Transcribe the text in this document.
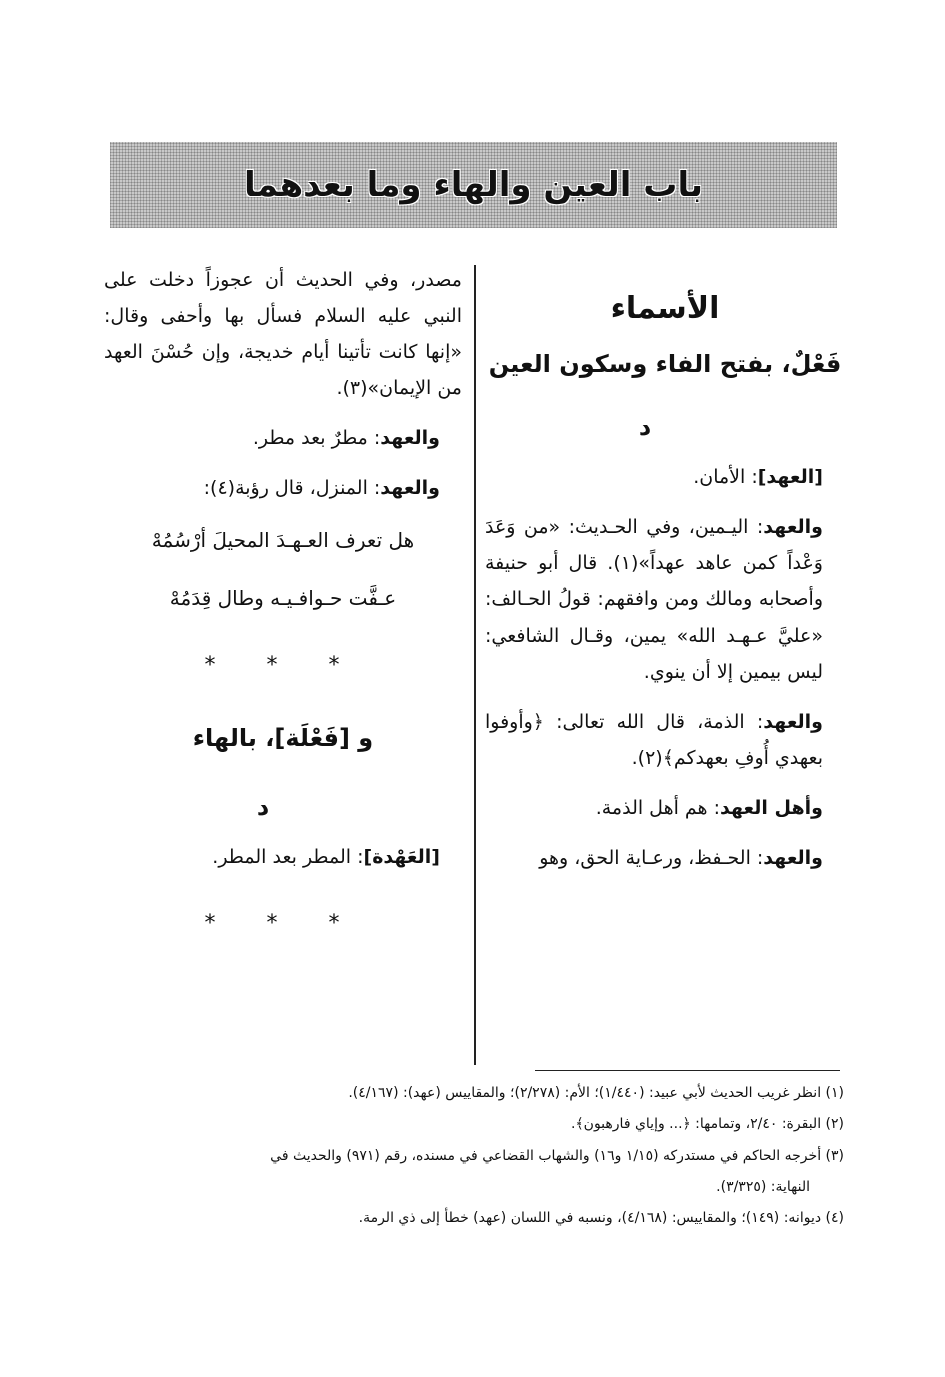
باب العين والهاء وما بعدهما
الأسماء
فَعْلٌ، بفتح الفاء وسكون العين
د

[العهد]: الأمان.

والعهد: اليـمين، وفي الحـديث: «من وَعَدَ وَعْداً كمن عاهد عهداً»(١). قال أبو حنيفة وأصحابه ومالك ومن وافقهم: قولُ الحـالف: «عليَّ عـهـد الله» يمين، وقـال الشافعي: ليس بيمين إلا أن ينوي.

والعهد: الذمة، قال الله تعالى: ﴿وأوفوا بعهدي أُوفِ بعهدكم﴾(٢).

وأهل العهد: هم أهل الذمة.

والعهد: الحـفظ، ورعـاية الحق، وهو

مصدر، وفي الحديث أن عجوزاً دخلت على النبي عليه السلام فسأل بها وأحفى وقال: «إنها كانت تأتينا أيام خديجة، وإن حُسْنَ العهد من الإيمان»(٣).

والعهد: مطرٌ بعد مطر.

والعهد: المنزل، قال رؤبة(٤):

هل تعرف العـهـدَ المحيلَ أرْسُمُهْ
عـفَّت حـوافـيـه وطال قِدَمُهْ
* * *
و [فَعْلَة]، بالهاء
د

[العَهْدة]: المطر بعد المطر.

* * *
(١) انظر غريب الحديث لأبي عبيد: (١/٤٤٠)؛ الأم: (٢/٢٧٨)؛ والمقاييس (عهد): (٤/١٦٧).
(٢) البقرة: ٢/٤٠، وتمامها: ﴿... وإياي فارهبون﴾.
(٣) أخرجه الحاكم في مستدركه (١/١٥ و١٦) والشهاب القضاعي في مسنده، رقم (٩٧١) والحديث في
النهاية: (٣/٣٢٥).
(٤) ديوانه: (١٤٩)؛ والمقاييس: (٤/١٦٨)، ونسبه في اللسان (عهد) خطأ إلى ذي الرمة.
